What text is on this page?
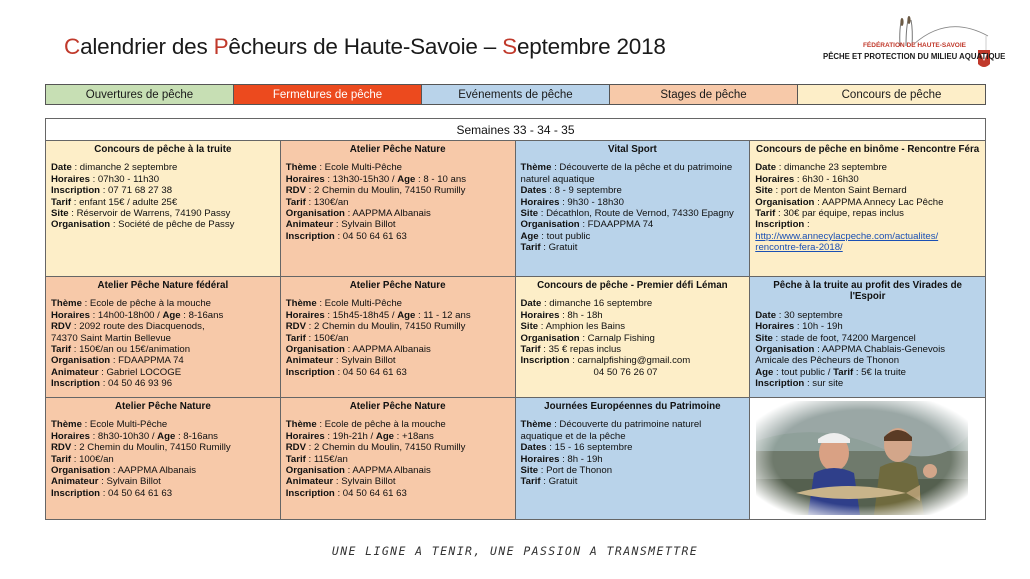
Calendrier des Pêcheurs de Haute-Savoie – Septembre 2018	FÉDÉRATION DE HAUTE-SAVOIE
PÊCHE ET PROTECTION DU MILIEU AQUATIQUE
Ouvertures de pêche	Fermetures de pêche	Evénements de pêche	Stages de pêche	Concours de pêche
Semaines 33 - 34 - 35
Concours de pêche à la truite
Date : dimanche 2 septembre
Horaires : 07h30 - 11h30
Inscription : 07 71 68 27 38
Tarif : enfant 15€ / adulte 25€
Site : Réservoir de Warrens, 74190 Passy
Organisation : Société de pêche de Passy
Atelier Pêche Nature
Thème : Ecole Multi-Pêche
Horaires : 13h30-15h30 / Age : 8 - 10 ans
RDV : 2 Chemin du Moulin, 74150 Rumilly
Tarif : 130€/an
Organisation : AAPPMA Albanais
Animateur : Sylvain Billot
Inscription : 04 50 64 61 63
Vital Sport
Thème : Découverte de la pêche et du patrimoine
naturel aquatique
Dates : 8 - 9 septembre
Horaires : 9h30 - 18h30
Site : Décathlon, Route de Vernod, 74330 Epagny
Organisation : FDAAPPMA 74
Age : tout public
Tarif : Gratuit
Concours de pêche en binôme - Rencontre Féra
Date : dimanche 23 septembre
Horaires : 6h30 - 16h30
Site : port de Menton Saint Bernard
Organisation : AAPPMA Annecy Lac Pêche
Tarif : 30€ par équipe, repas inclus
Inscription :
http://www.annecylacpeche.com/actualites/
rencontre-fera-2018/
Atelier Pêche Nature fédéral
Thème : Ecole de pêche à la mouche
Horaires : 14h00-18h00 / Age : 8-16ans
RDV : 2092 route des Diacquenods,
74370 Saint Martin Bellevue
Tarif : 150€/an ou 15€/animation
Organisation : FDAAPPMA 74
Animateur : Gabriel LOCOGE
Inscription : 04 50 46 93 96
Atelier Pêche Nature
Thème : Ecole Multi-Pêche
Horaires : 15h45-18h45 / Age : 11 - 12 ans
RDV : 2 Chemin du Moulin, 74150 Rumilly
Tarif : 150€/an
Organisation : AAPPMA Albanais
Animateur : Sylvain Billot
Inscription : 04 50 64 61 63
Concours de pêche - Premier défi Léman
Date : dimanche 16 septembre
Horaires : 8h - 18h
Site : Amphion les Bains
Organisation : Carnalp Fishing
Tarif : 35 € repas inclus
Inscription : carnalpfishing@gmail.com
04 50 76 26 07
Pêche à la truite au profit des Virades de l'Espoir
Date : 30 septembre
Horaires : 10h - 19h
Site : stade de foot, 74200 Margencel
Organisation : AAPPMA Chablais-Genevois
Amicale des Pêcheurs de Thonon
Age : tout public / Tarif : 5€ la truite
Inscription : sur site
Atelier Pêche Nature
Thème : Ecole Multi-Pêche
Horaires : 8h30-10h30 / Age : 8-16ans
RDV : 2 Chemin du Moulin, 74150 Rumilly
Tarif : 100€/an
Organisation : AAPPMA Albanais
Animateur : Sylvain Billot
Inscription : 04 50 64 61 63
Atelier Pêche Nature
Thème : Ecole de pêche à la mouche
Horaires : 19h-21h / Age : +18ans
RDV : 2 Chemin du Moulin, 74150 Rumilly
Tarif : 115€/an
Organisation : AAPPMA Albanais
Animateur : Sylvain Billot
Inscription : 04 50 64 61 63
Journées Européennes du Patrimoine
Thème : Découverte du patrimoine naturel
aquatique et de la pêche
Dates : 15 - 16 septembre
Horaires : 8h - 19h
Site : Port de Thonon
Tarif : Gratuit
UNE LIGNE A TENIR, UNE PASSION A TRANSMETTRE
